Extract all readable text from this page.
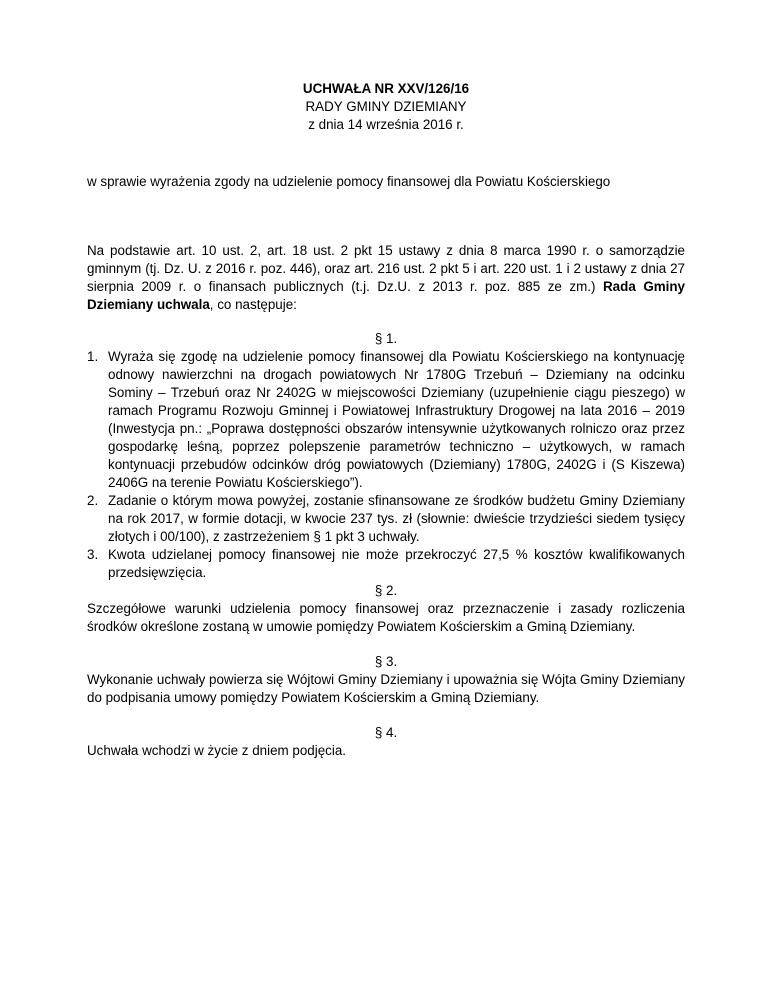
UCHWAŁA NR XXV/126/16
RADY GMINY DZIEMIANY
z dnia 14 września 2016 r.
w sprawie wyrażenia zgody na udzielenie pomocy finansowej dla Powiatu Kościerskiego
Na podstawie art. 10 ust. 2, art. 18 ust. 2 pkt 15 ustawy z dnia 8 marca 1990 r. o samorządzie gminnym (tj. Dz. U. z 2016 r. poz. 446), oraz art. 216 ust. 2 pkt 5 i art. 220 ust. 1 i 2 ustawy z dnia 27 sierpnia 2009 r. o finansach publicznych (t.j. Dz.U. z 2013 r. poz. 885 ze zm.) Rada Gminy Dziemiany uchwala, co następuje:
§ 1.
1. Wyraża się zgodę na udzielenie pomocy finansowej dla Powiatu Kościerskiego na kontynuację odnowy nawierzchni na drogach powiatowych Nr 1780G Trzebuń – Dziemiany na odcinku Sominy – Trzebuń oraz Nr 2402G w miejscowości Dziemiany (uzupełnienie ciągu pieszego) w ramach Programu Rozwoju Gminnej i Powiatowej Infrastruktury Drogowej na lata 2016 – 2019 (Inwestycja pn.: „Poprawa dostępności obszarów intensywnie użytkowanych rolniczo oraz przez gospodarkę leśną, poprzez polepszenie parametrów techniczno – użytkowych, w ramach kontynuacji przebudów odcinków dróg powiatowych (Dziemiany) 1780G, 2402G i (S Kiszewa) 2406G na terenie Powiatu Kościerskiego”).
2. Zadanie o którym mowa powyżej, zostanie sfinansowane ze środków budżetu Gminy Dziemiany na rok 2017, w formie dotacji, w kwocie 237 tys. zł (słownie: dwieście trzydzieści siedem tysięcy złotych i 00/100), z zastrzeżeniem § 1 pkt 3 uchwały.
3. Kwota udzielanej pomocy finansowej nie może przekroczyć 27,5 % kosztów kwalifikowanych przedsięwzięcia.
§ 2.
Szczegółowe warunki udzielenia pomocy finansowej oraz przeznaczenie i zasady rozliczenia środków określone zostaną w umowie pomiędzy Powiatem Kościerskim a Gminą Dziemiany.
§ 3.
Wykonanie uchwały powierza się Wójtowi Gminy Dziemiany i upoważnia się Wójta Gminy Dziemiany do podpisania umowy pomiędzy Powiatem Kościerskim a Gminą Dziemiany.
§ 4.
Uchwała wchodzi w życie z dniem podjęcia.
